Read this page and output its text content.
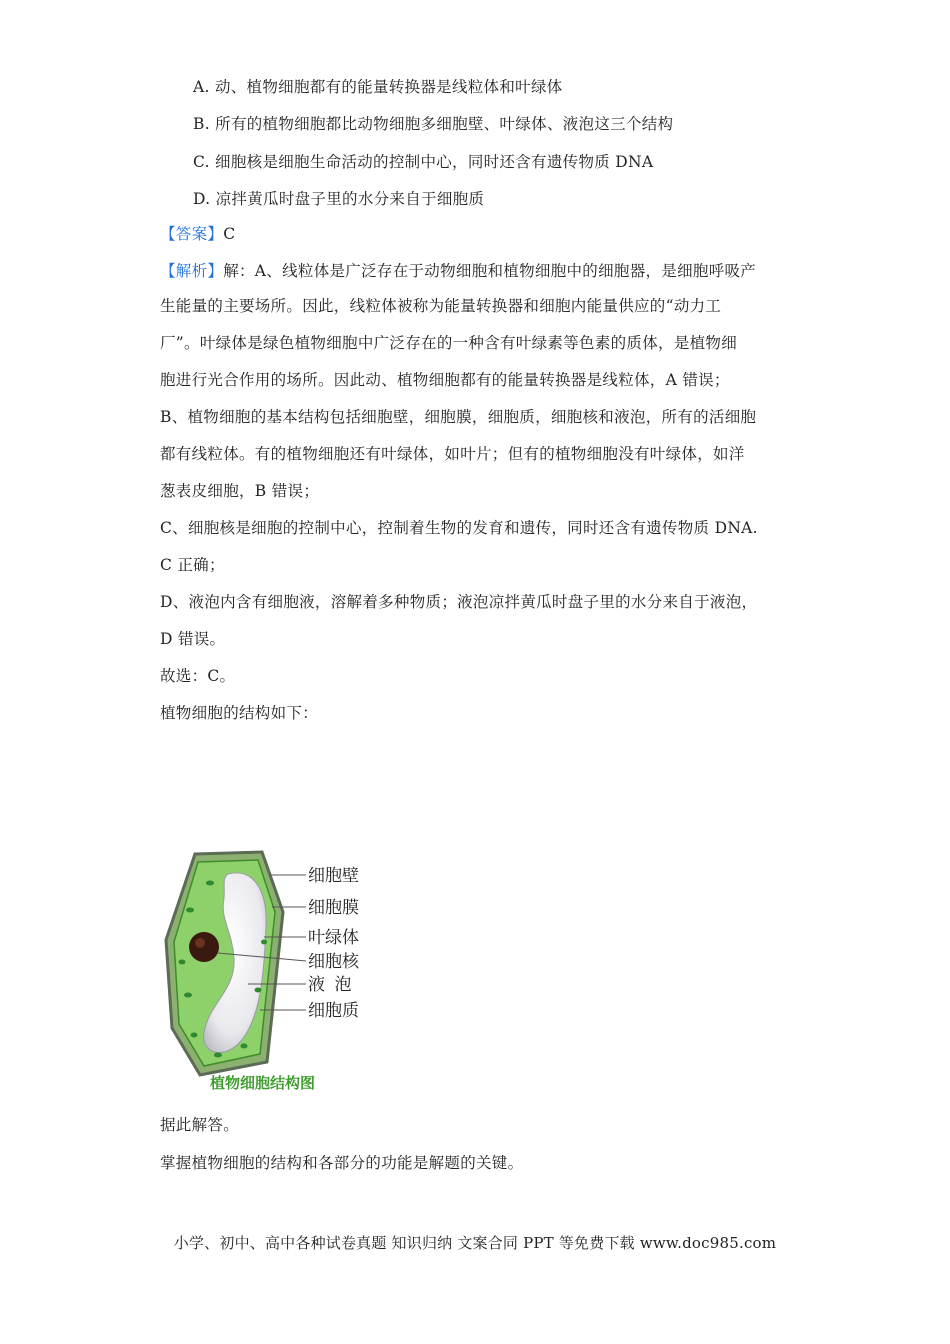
A. 动、植物细胞都有的能量转换器是线粒体和叶绿体
B. 所有的植物细胞都比动物细胞多细胞壁、叶绿体、液泡这三个结构
C. 细胞核是细胞生命活动的控制中心，同时还含有遗传物质 DNA
D. 凉拌黄瓜时盘子里的水分来自于细胞质
【答案】C
【解析】解：A、线粒体是广泛存在于动物细胞和植物细胞中的细胞器，是细胞呼吸产
生能量的主要场所。因此，线粒体被称为能量转换器和细胞内能量供应的“动力工
厂”。叶绿体是绿色植物细胞中广泛存在的一种含有叶绿素等色素的质体，是植物细
胞进行光合作用的场所。因此动、植物细胞都有的能量转换器是线粒体，A 错误；
B、植物细胞的基本结构包括细胞壁，细胞膜，细胞质，细胞核和液泡，所有的活细胞
都有线粒体。有的植物细胞还有叶绿体，如叶片；但有的植物细胞没有叶绿体，如洋
葱表皮细胞，B 错误；
C、细胞核是细胞的控制中心，控制着生物的发育和遗传，同时还含有遗传物质 DNA.
C 正确；
D、液泡内含有细胞液，溶解着多种物质；液泡凉拌黄瓜时盘子里的水分来自于液泡，
D 错误。
故选：C。
植物细胞的结构如下：
细胞壁
细胞膜
叶绿体
细胞核
液  泡
细胞质
植物细胞结构图
据此解答。
掌握植物细胞的结构和各部分的功能是解题的关键。
小学、初中、高中各种试卷真题 知识归纳 文案合同 PPT 等免费下载 www.doc985.com
